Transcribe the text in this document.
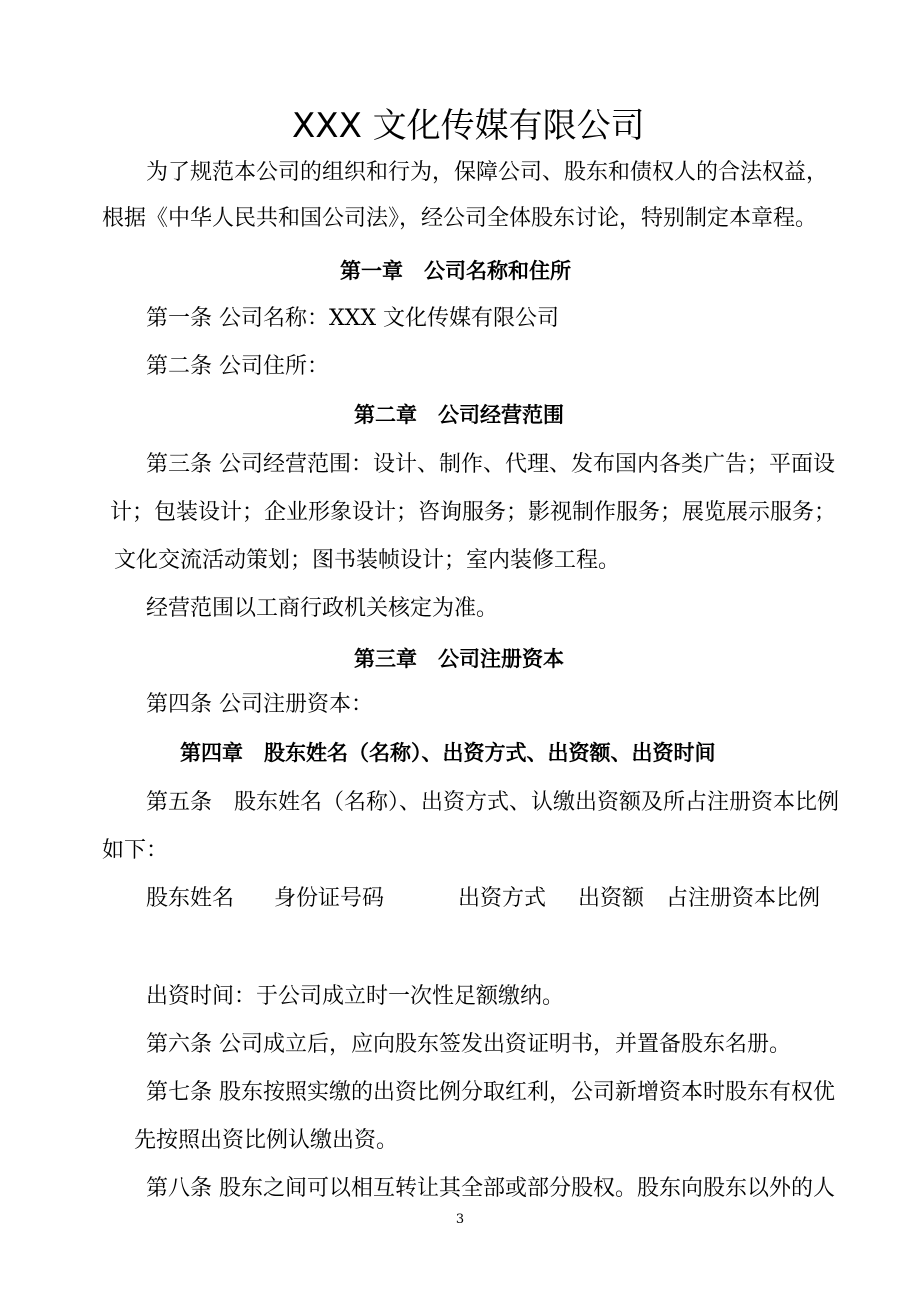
XXX 文化传媒有限公司
为了规范本公司的组织和行为，保障公司、股东和债权人的合法权益，
根据《中华人民共和国公司法》，经公司全体股东讨论，特别制定本章程。
第一章　公司名称和住所
第一条 公司名称：XXX 文化传媒有限公司
第二条 公司住所：
第二章　公司经营范围
第三条 公司经营范围：设计、制作、代理、发布国内各类广告；平面设
计；包装设计；企业形象设计；咨询服务；影视制作服务；展览展示服务；
文化交流活动策划；图书装帧设计；室内装修工程。
经营范围以工商行政机关核定为准。
第三章　公司注册资本
第四条 公司注册资本：
第四章　股东姓名（名称）、出资方式、出资额、出资时间
第五条　股东姓名（名称）、出资方式、认缴出资额及所占注册资本比例
如下：
股东姓名 身份证号码	出资方式 出资额 占注册资本比例
出资时间：于公司成立时一次性足额缴纳。
第六条 公司成立后，应向股东签发出资证明书，并置备股东名册。
第七条 股东按照实缴的出资比例分取红利，公司新增资本时股东有权优
先按照出资比例认缴出资。
第八条 股东之间可以相互转让其全部或部分股权。股东向股东以外的人
3
